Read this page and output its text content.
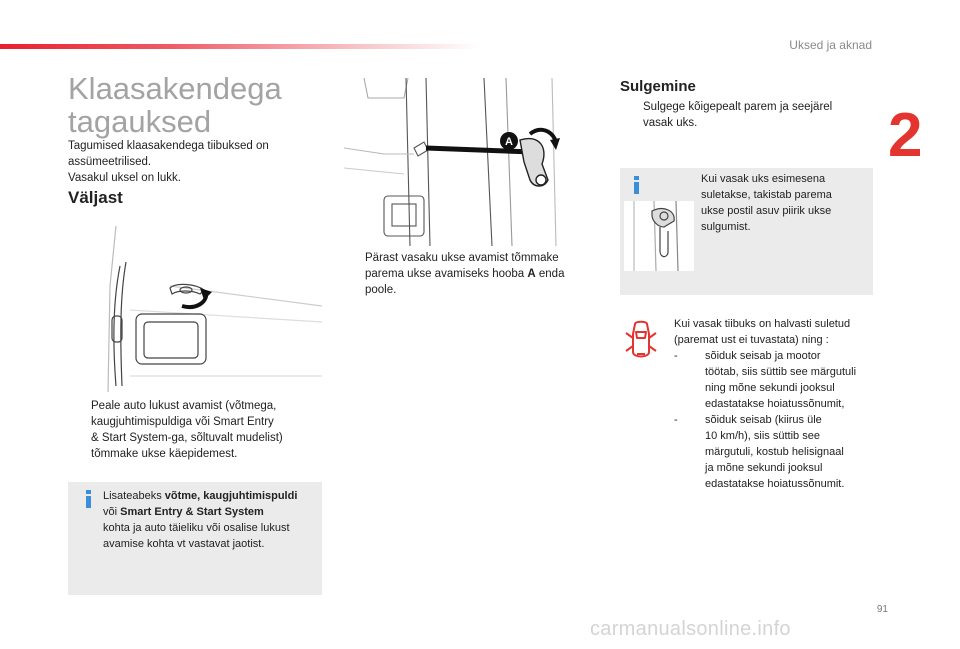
Uksed ja aknad
2
Klaasakendega tagauksed
Tagumised klaasakendega tiibuksed on
assümeetrilised.
Vasakul uksel on lukk.
Väljast
Peale auto lukust avamist (võtmega,
kaugjuhtimispuldiga või Smart Entry
& Start System-ga, sõltuvalt mudelist)
tõmmake ukse käepidemest.
Lisateabeks võtme, kaugjuhtimispuldi
või Smart Entry & Start System
kohta ja auto täieliku või osalise lukust
avamise kohta vt vastavat jaotist.
A
Pärast vasaku ukse avamist tõmmake
parema ukse avamiseks hooba A enda
poole.
Sulgemine
Sulgege kõigepealt parem ja seejärel
vasak uks.
Kui vasak uks esimesena
suletakse, takistab parema
ukse postil asuv piirik ukse
sulgumist.
Kui vasak tiibuks on halvasti suletud
(paremat ust ei tuvastata) ning :
- sõiduk seisab ja mootor
töötab, siis süttib see märgutuli
ning mõne sekundi jooksul
edastatakse hoiatussõnumit,
- sõiduk seisab (kiirus üle
10 km/h), siis süttib see
märgutuli, kostub helisignaal
ja mõne sekundi jooksul
edastatakse hoiatussõnumit.
91
carmanualsonline.info
